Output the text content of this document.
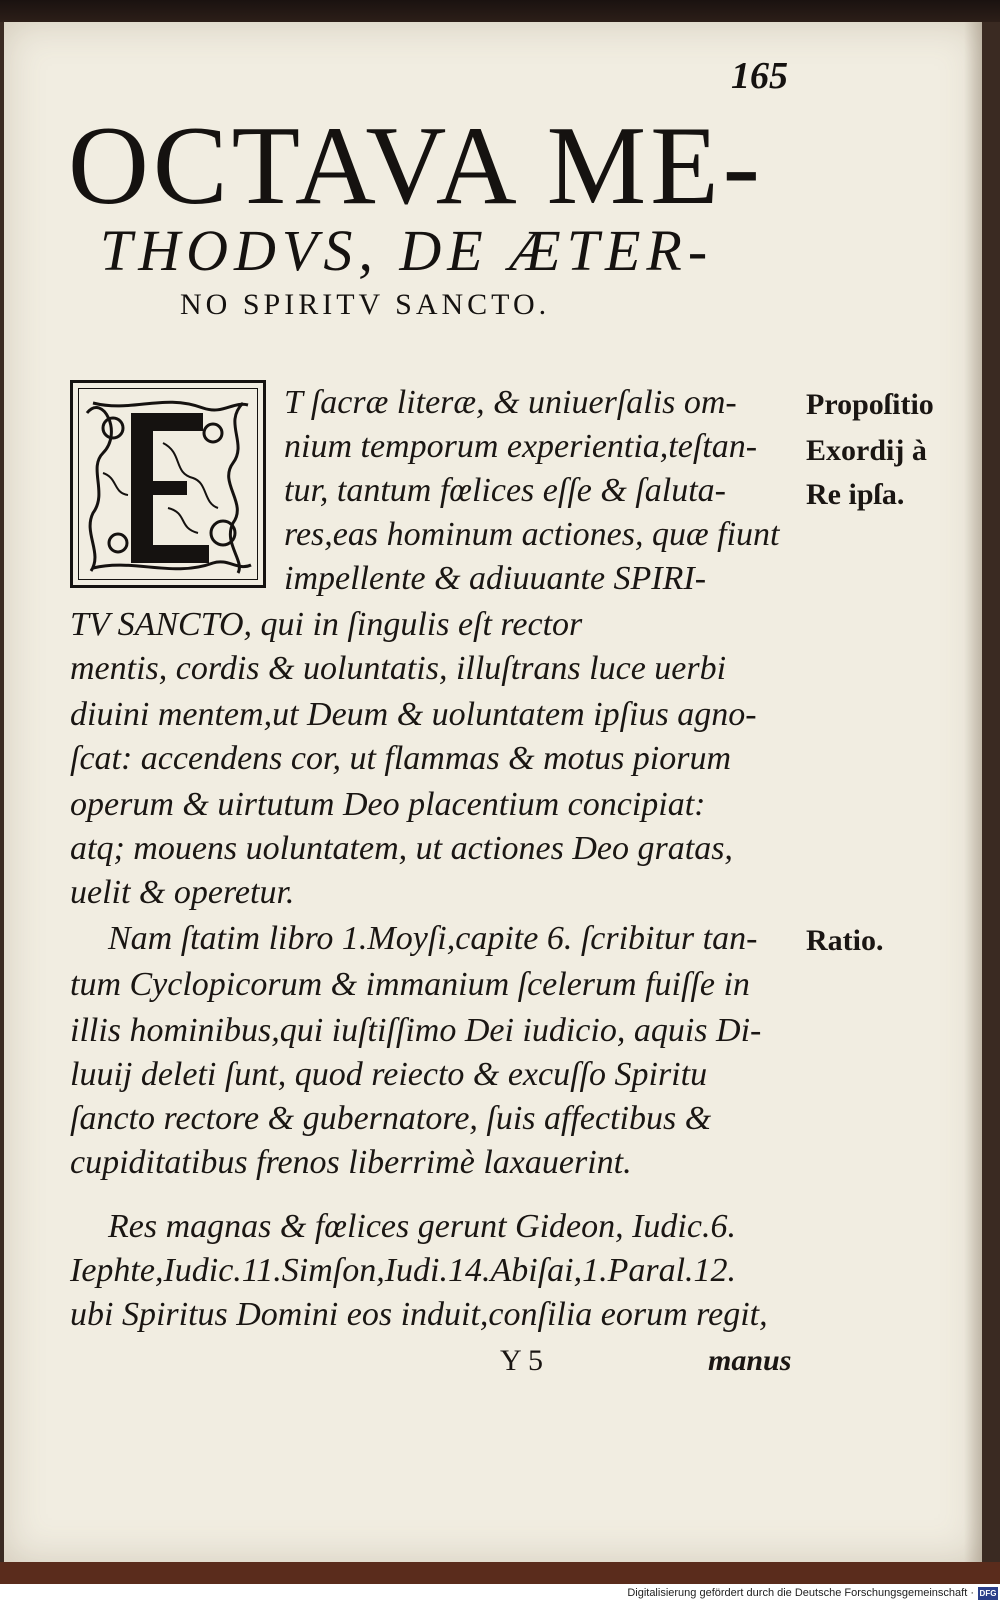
165
OCTAVA ME-
THODVS, DE ÆTER-
NO SPIRITV SANCTO.
T ſacræ literæ, & uniuerſalis om-
nium temporum experientia,teſtan-
tur, tantum fœlices eſſe & ſaluta-
res,eas hominum actiones, quæ fiunt
impellente & adiuuante SPIRI-
TV SANCTO, qui in ſingulis eſt rector
mentis, cordis & uoluntatis, illuſtrans luce uerbi
diuini mentem,ut Deum & uoluntatem ipſius agno-
ſcat: accendens cor, ut flammas & motus piorum
operum & uirtutum Deo placentium concipiat:
atq; mouens uoluntatem, ut actiones Deo gratas,
uelit & operetur.
Nam ſtatim libro 1.Moyſi,capite 6. ſcribitur tan-
tum Cyclopicorum & immanium ſcelerum fuiſſe in
illis hominibus,qui iuſtiſſimo Dei iudicio, aquis Di-
luuij deleti ſunt, quod reiecto & excuſſo Spiritu
ſancto rectore & gubernatore, ſuis affectibus &
cupiditatibus frenos liberrimè laxauerint.
Res magnas & fœlices gerunt Gideon, Iudic.6.
Iephte,Iudic.11.Simſon,Iudi.14.Abiſai,1.Paral.12.
ubi Spiritus Domini eos induit,conſilia eorum regit,
Y 5	manus
Propoſitio
Exordij à
Re ipſa.
Ratio.
Digitalisierung gefördert durch die Deutsche Forschungsgemeinschaft · DFG
